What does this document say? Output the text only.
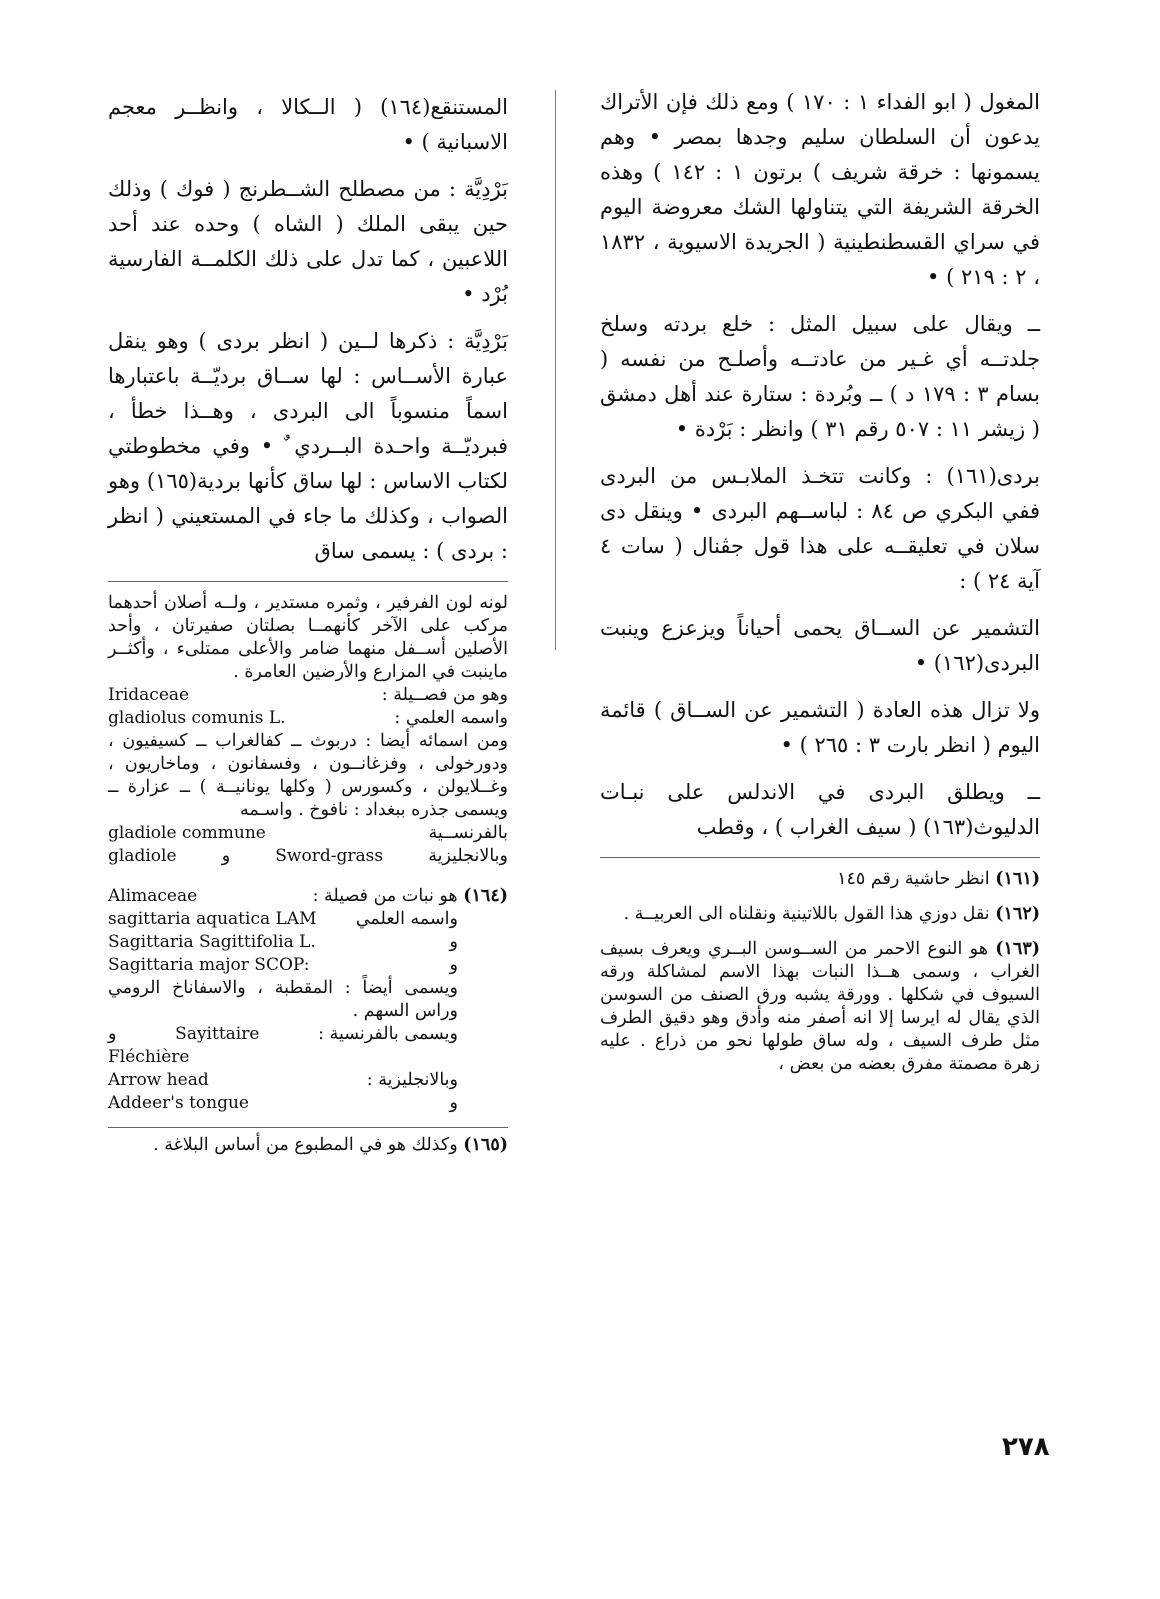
المغول ( ابو الفداء ١ : ١٧٠ ) ومع ذلك فإن الأتراك يدعون أن السلطان سليم وجدها بمصر • وهم يسمونها : خرقة شريف ) برتون ١ : ١٤٢ ) وهذه الخرقة الشريفة التي يتناولها الشك معروضة اليوم في سراي القسطنطينية ( الجريدة الاسيوية ، ١٨٣٢ ، ٢ : ٢١٩ ) •

ــ ويقال على سبيل المثل : خلع بردته وسلخ جلدتــه أي غـير من عادتــه وأصلـح من نفسه ( بسام ٣ : ١٧٩ د ) ــ وبُردة : ستارة عند أهل دمشق ( زيشر ١١ : ٥٠٧ رقم ٣١ ) وانظر : بَرْدة •

بردى(١٦١) : وكانت تتخـذ الملابـس من البردى ففي البكري ص ٨٤ : لباســهم البردى • وينقل دى سلان في تعليقــه على هذا قول جڤنال ( سات ٤ آية ٢٤ ) :

التشمير عن الســاق يحمى أحياناً ويزعزع وينبت البردى(١٦٢) •

ولا تزال هذه العادة ( التشمير عن الســاق ) قائمة اليوم ( انظر بارت ٣ : ٢٦٥ ) •

ــ ويطلق البردى في الاندلس على نبـات الدليوث(١٦٣) ( سيف الغراب ) ، وقطب

(١٦١) انظر حاشية رقم ١٤٥
(١٦٢) نقل دوزي هذا القول باللاتينية ونقلناه الى العربيــة .
(١٦٣) هو النوع الاحمر من الســوسن البــري ويعرف بسيف الغراب ، وسمى هــذا النبات بهذا الاسم لمشاكلة ورقه السيوف في شكلها . وورقة يشبه ورق الصنف من السوسن الذي يقال له ايرسا إلا انه أصفر منه وأدق وهو دقيق الطرف مثل طرف السيف ، وله ساق طولها نحو من ذراع . عليه زهرة مصمتة مفرق بعضه من بعض ،

المستنقع(١٦٤) ( الــكالا ، وانظــر معجم الاسبانية ) •

بَرْدِيَّة : من مصطلح الشــطرنج ( فوك ) وذلك حين يبقى الملك ( الشاه ) وحده عند أحد اللاعبين ، كما تدل على ذلك الكلمــة الفارسية بُرْد •

بَرْدِيَّة : ذكرها لــين ( انظر بردى ) وهو ينقل عبارة الأســاس : لها ســاق برديّــة باعتبارها اسماً منسوباً الى البردى ، وهــذا خطأ ، فبرديّــة واحـدة البــردي ٌ • وفي مخطوطتي لكتاب الاساس : لها ساق كأنها بردية(١٦٥) وهو الصواب ، وكذلك ما جاء في المستعيني ( انظر : بردى ) : يسمى ساق

لونه لون الفرفير ، وثمره مستدير ، ولــه أصلان أحدهما مركب على الآخر كأنهمــا بصلتان صفيرتان ، وأحد الأصلين أســفل منهما ضامر والأعلى ممتلىء ، وأكثــر ماينبت في المزارع والأرضين العامرة .
وهو من فصــيلة :
Iridaceae
واسمه العلمي :
gladiolus comunis L.
ومن اسمائه أيضا : دربوث ــ كفالغراب ــ كسيفيون ، ودورخولى ، وفزغانــون ، وفسفانون ، وماخاريون ، وغــلايولن ، وكسورس ( وكلها يونانيــة ) ــ عزارة ــ ويسمى جذره ببغداد : نافوخ . واسـمه
بالفرنســية
gladiole commune
وبالانجليزية
Sword-grass
و
gladiole
(١٦٤) هو نبات من فصيلة :
Alimaceae
واسمه العلمي
sagittaria aquatica LAM
و
Sagittaria Sagittifolia L.
و
Sagittaria major SCOP:
ويسمى أيضاً : المقطبة ، والاسفاناخ الرومي وراس السهم .
ويسمى بالفرنسية :
Sayittaire
و
Fléchière
وبالانجليزية :
Arrow head
و
Addeer's tongue
(١٦٥) وكذلك هو في المطبوع من أساس البلاغة .
٢٧٨
